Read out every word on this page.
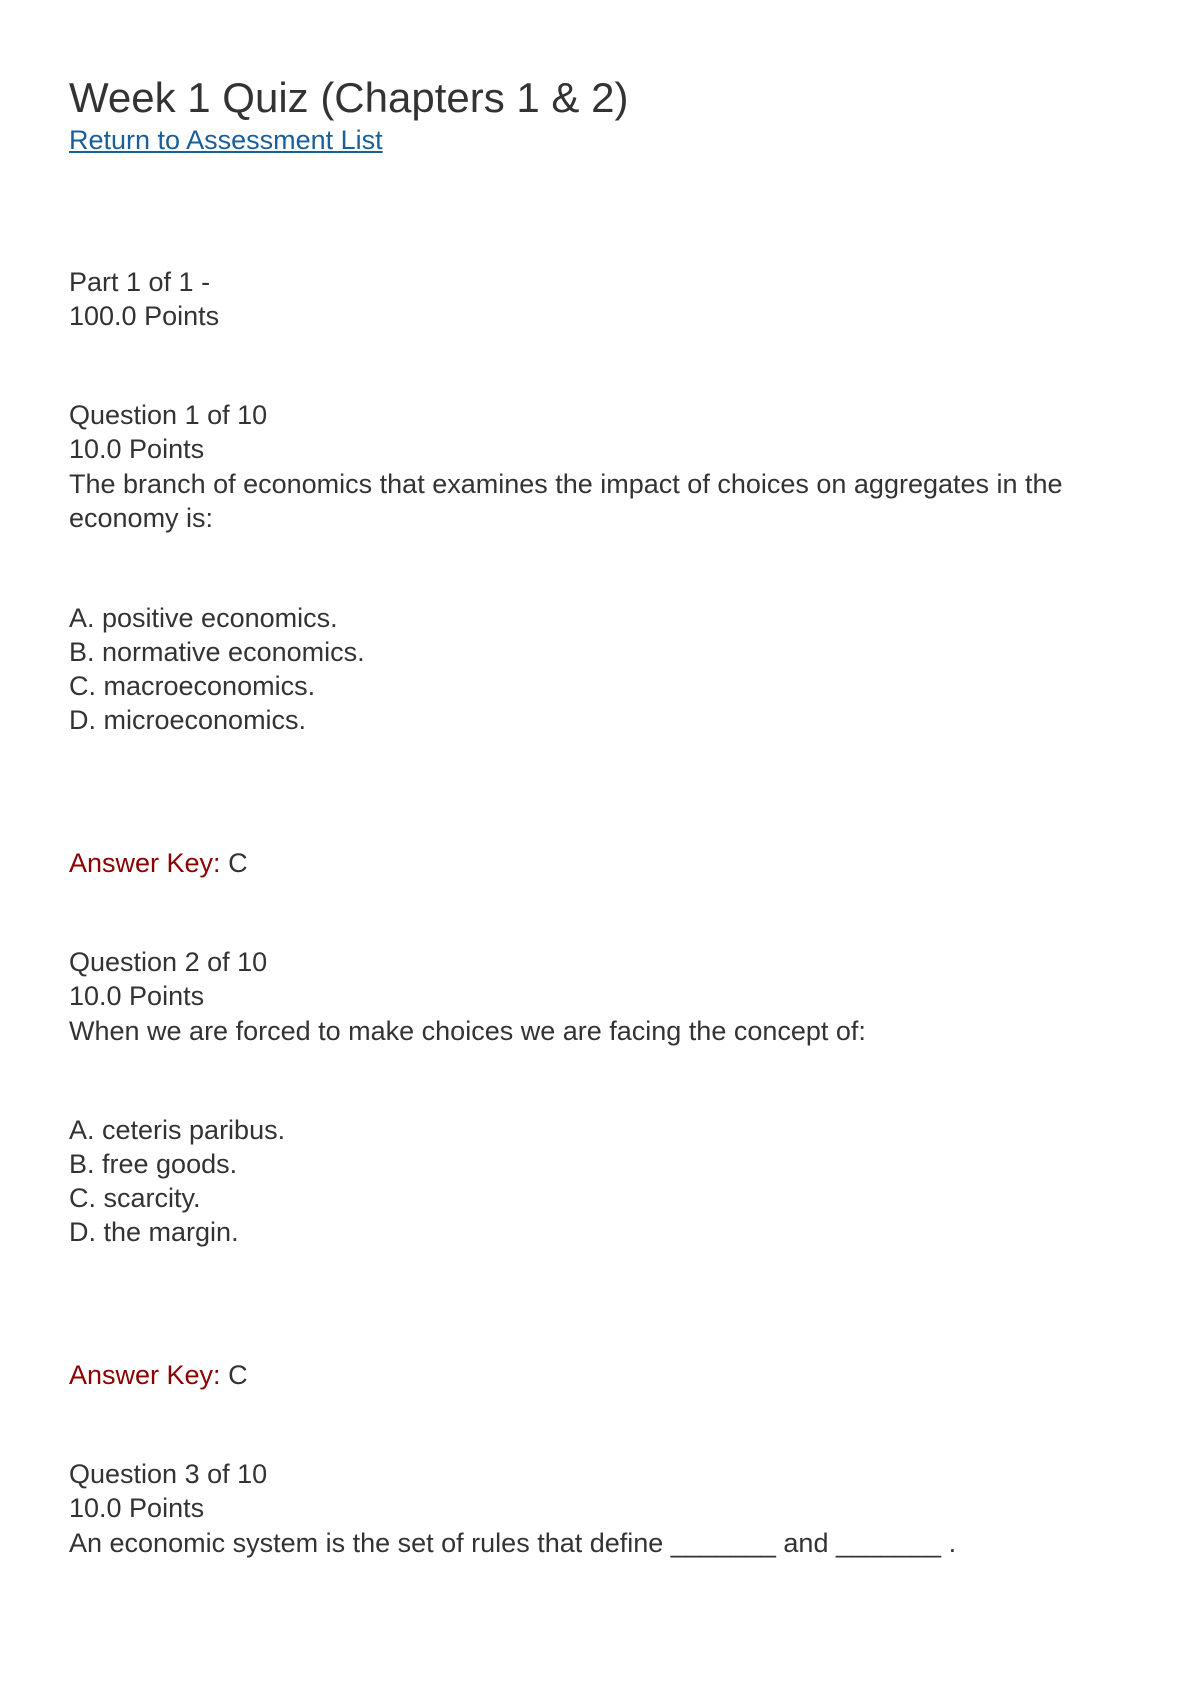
Week 1 Quiz (Chapters 1 & 2)
Return to Assessment List
Part 1 of 1 -
100.0 Points
Question 1 of 10
10.0 Points
The branch of economics that examines the impact of choices on aggregates in the economy is:
A. positive economics.
B. normative economics.
C. macroeconomics.
D. microeconomics.
Answer Key: C
Question 2 of 10
10.0 Points
When we are forced to make choices we are facing the concept of:
A. ceteris paribus.
B. free goods.
C. scarcity.
D. the margin.
Answer Key: C
Question 3 of 10
10.0 Points
An economic system is the set of rules that define _______ and _______ .
